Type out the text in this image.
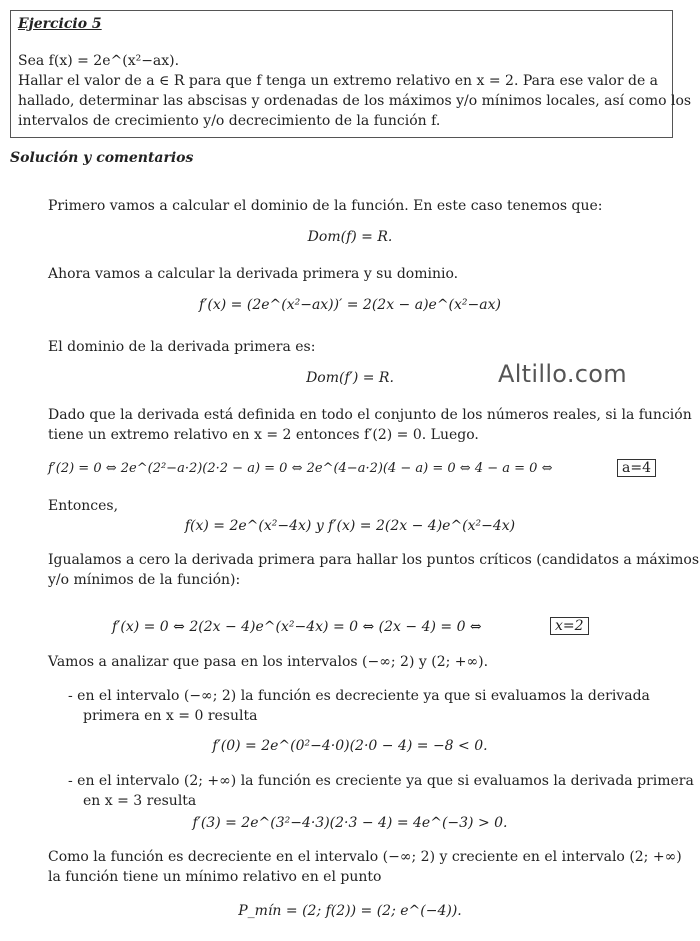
Ejercicio 5
Sea f(x) = 2e^(x²−ax).
Hallar el valor de a ∈ R para que f tenga un extremo relativo en x = 2. Para ese valor de a
hallado, determinar las abscisas y ordenadas de los máximos y/o mínimos locales, así como los
intervalos de crecimiento y/o decrecimiento de la función f.
Solución y comentarios
Primero vamos a calcular el dominio de la función. En este caso tenemos que:
Dom(f) = R.
Ahora vamos a calcular la derivada primera y su dominio.
f′(x) = (2e^(x²−ax))′ = 2(2x − a)e^(x²−ax)
El dominio de la derivada primera es:
Dom(f′) = R.	Altillo.com
Dado que la derivada está definida en todo el conjunto de los números reales, si la función
tiene un extremo relativo en x = 2 entonces f′(2) = 0. Luego.
f′(2) = 0 ⇔ 2e^(2²−a·2)(2·2 − a) = 0 ⇔ 2e^(4−a·2)(4 − a) = 0 ⇔ 4 − a = 0 ⇔	a=4
Entonces,
f(x) = 2e^(x²−4x) y f′(x) = 2(2x − 4)e^(x²−4x)
Igualamos a cero la derivada primera para hallar los puntos críticos (candidatos a máximos
y/o mínimos de la función):
f′(x) = 0 ⇔ 2(2x − 4)e^(x²−4x) = 0 ⇔ (2x − 4) = 0 ⇔	x=2
Vamos a analizar que pasa en los intervalos (−∞; 2) y (2; +∞).
- en el intervalo (−∞; 2) la función es decreciente ya que si evaluamos la derivada
primera en x = 0 resulta
f′(0) = 2e^(0²−4·0)(2·0 − 4) = −8 < 0.
- en el intervalo (2; +∞) la función es creciente ya que si evaluamos la derivada primera
en x = 3 resulta
f′(3) = 2e^(3²−4·3)(2·3 − 4) = 4e^(−3) > 0.
Como la función es decreciente en el intervalo (−∞; 2) y creciente en el intervalo (2; +∞)
la función tiene un mínimo relativo en el punto
P_mín = (2; f(2)) = (2; e^(−4)).
